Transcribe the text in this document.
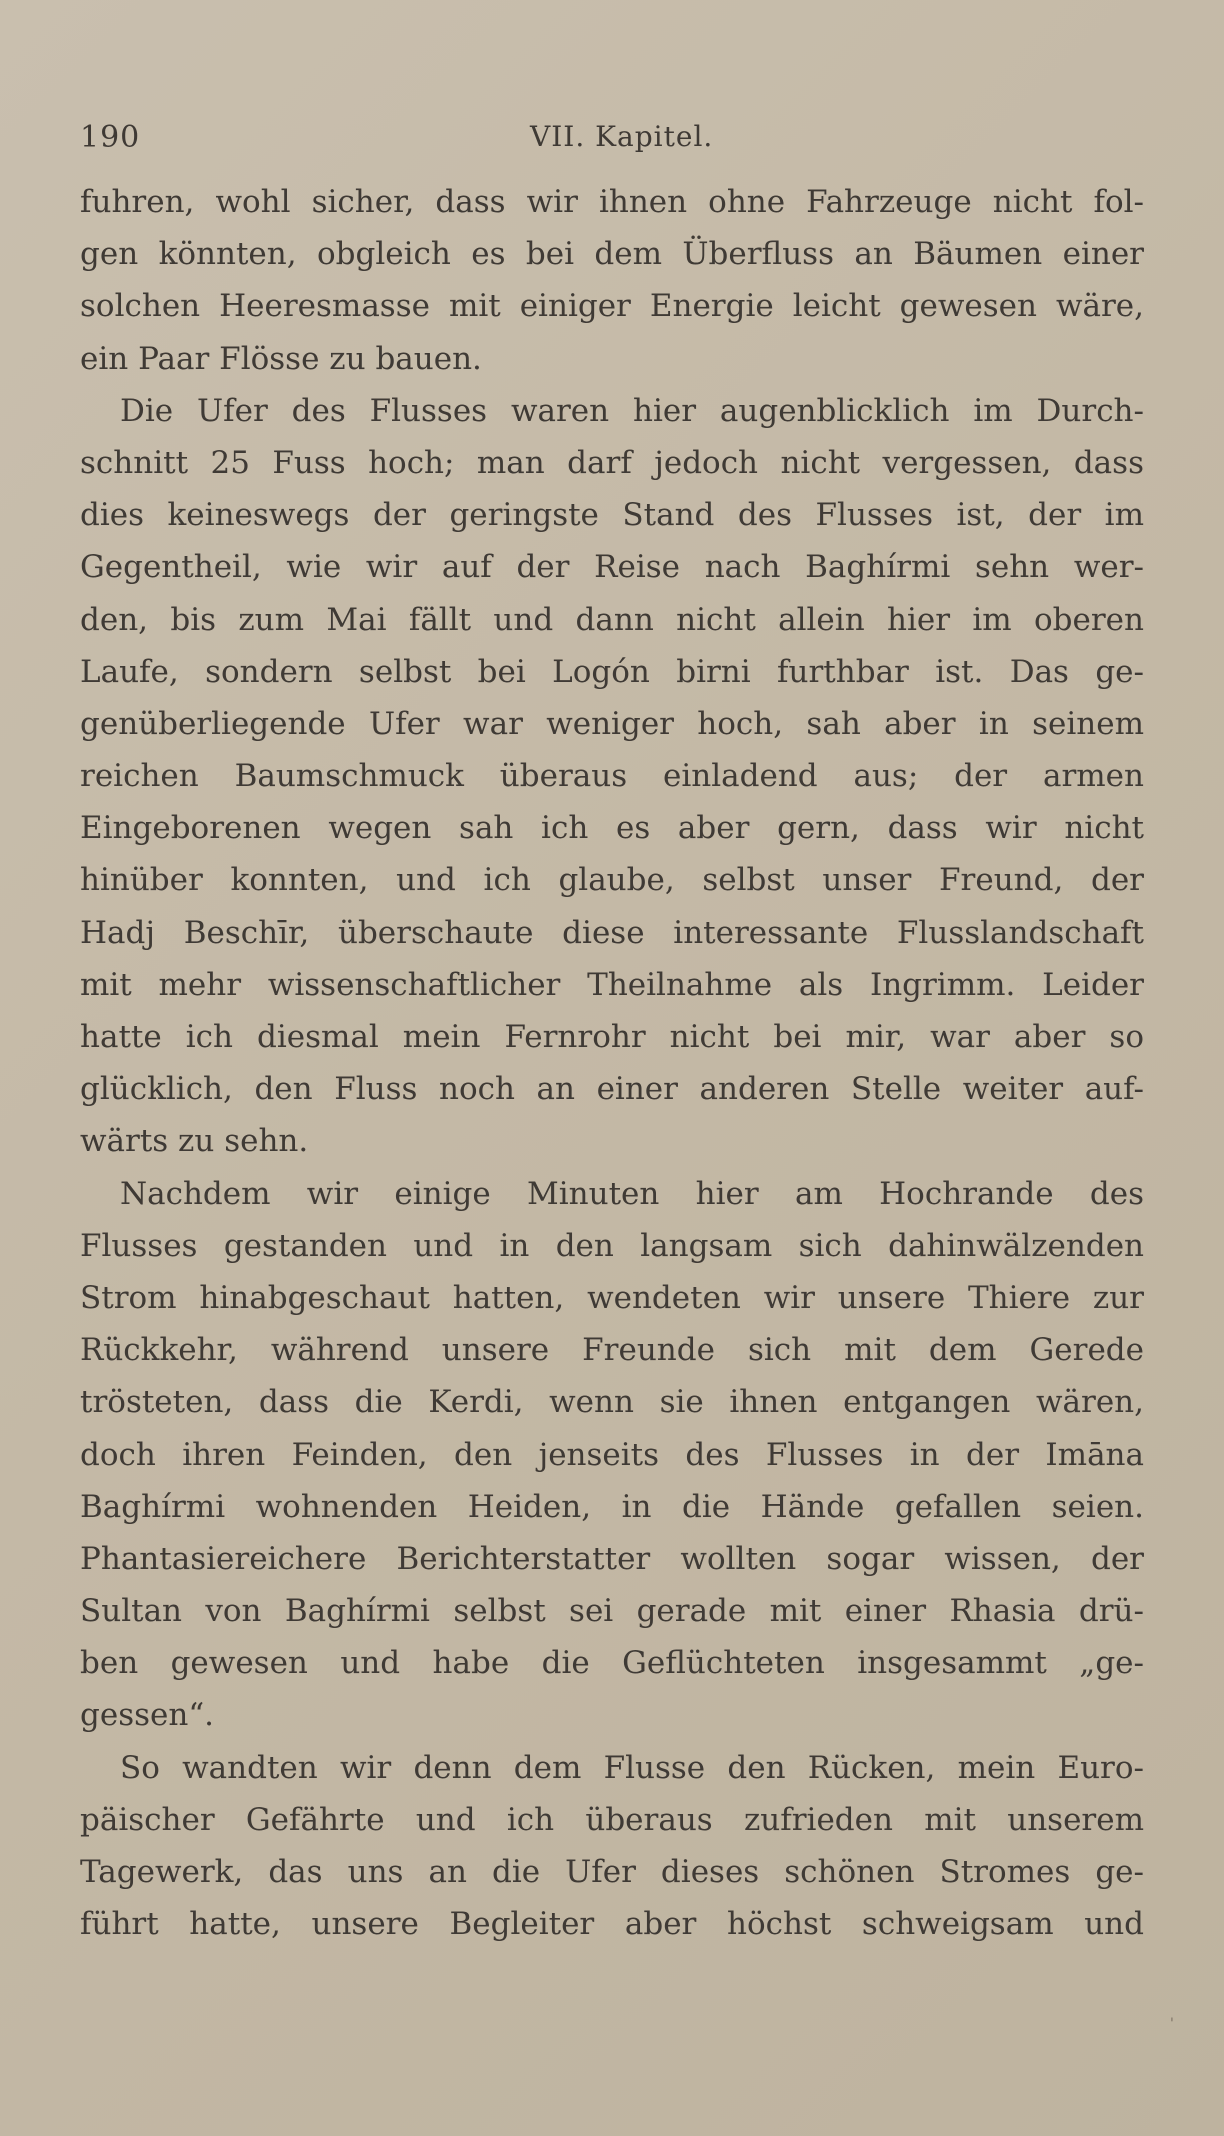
190	VII. Kapitel.
fuhren, wohl sicher, dass wir ihnen ohne Fahrzeuge nicht fol-
gen könnten, obgleich es bei dem Überfluss an Bäumen einer
solchen Heeresmasse mit einiger Energie leicht gewesen wäre,
ein Paar Flösse zu bauen.
Die Ufer des Flusses waren hier augenblicklich im Durch-
schnitt 25 Fuss hoch; man darf jedoch nicht vergessen, dass
dies keineswegs der geringste Stand des Flusses ist, der im
Gegentheil, wie wir auf der Reise nach Baghírmi sehn wer-
den, bis zum Mai fällt und dann nicht allein hier im oberen
Laufe, sondern selbst bei Logón birni furthbar ist. Das ge-
genüberliegende Ufer war weniger hoch, sah aber in seinem
reichen Baumschmuck überaus einladend aus; der armen
Eingeborenen wegen sah ich es aber gern, dass wir nicht
hinüber konnten, und ich glaube, selbst unser Freund, der
Hadj Beschīr, überschaute diese interessante Flusslandschaft
mit mehr wissenschaftlicher Theilnahme als Ingrimm. Leider
hatte ich diesmal mein Fernrohr nicht bei mir, war aber so
glücklich, den Fluss noch an einer anderen Stelle weiter auf-
wärts zu sehn.
Nachdem wir einige Minuten hier am Hochrande des
Flusses gestanden und in den langsam sich dahinwälzenden
Strom hinabgeschaut hatten, wendeten wir unsere Thiere zur
Rückkehr, während unsere Freunde sich mit dem Gerede
trösteten, dass die Kerdi, wenn sie ihnen entgangen wären,
doch ihren Feinden, den jenseits des Flusses in der Imāna
Baghírmi wohnenden Heiden, in die Hände gefallen seien.
Phantasiereichere Berichterstatter wollten sogar wissen, der
Sultan von Baghírmi selbst sei gerade mit einer Rhasia drü-
ben gewesen und habe die Geflüchteten insgesammt „ge-
gessen“.
So wandten wir denn dem Flusse den Rücken, mein Euro-
päischer Gefährte und ich überaus zufrieden mit unserem
Tagewerk, das uns an die Ufer dieses schönen Stromes ge-
führt hatte, unsere Begleiter aber höchst schweigsam und
'
